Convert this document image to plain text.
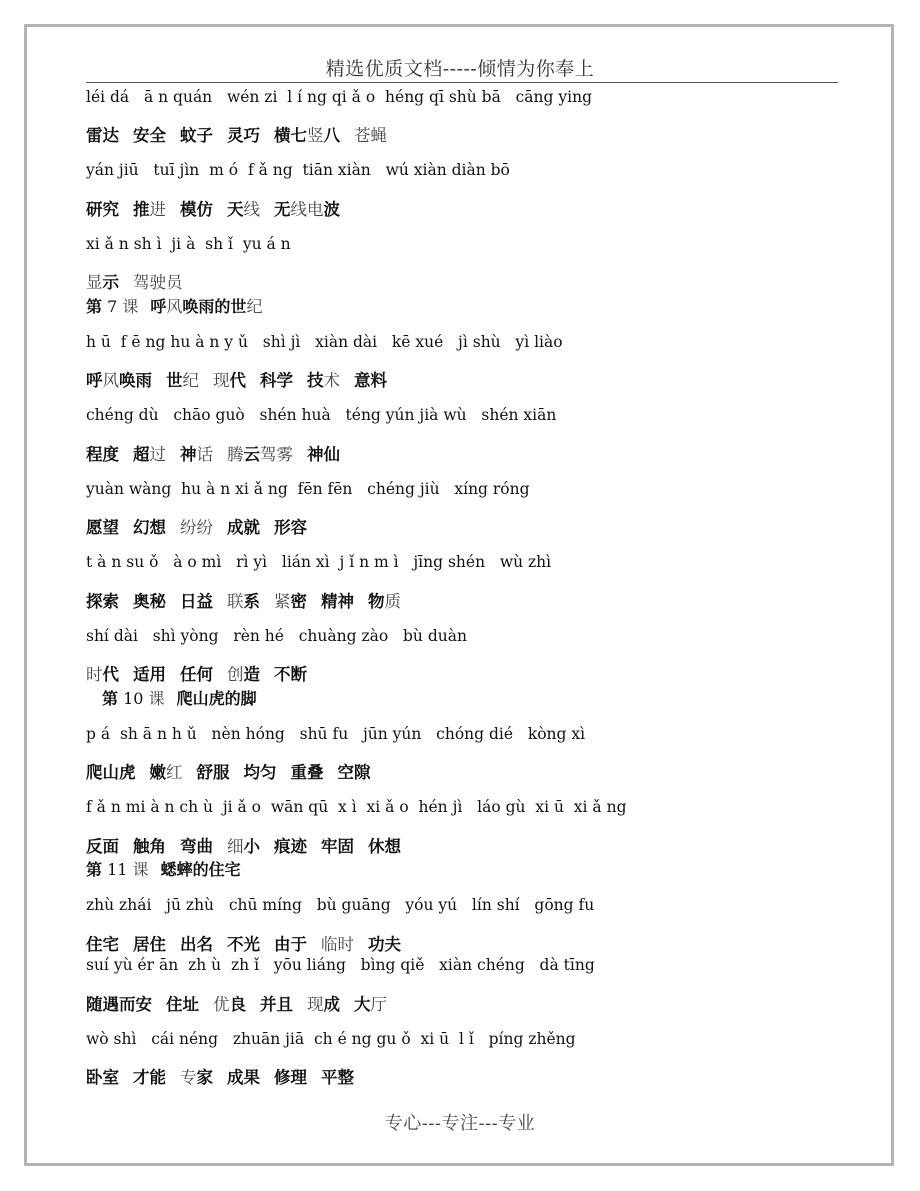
精选优质文档-----倾情为你奉上
léi dá   ā n quán   wén zi  l í ng qi ǎ o  héng qī shù bā   cāng ying
雷达 安全 蚊子 灵巧 横七竖八 苍蝇
yán jiū   tuī jìn  m ó  f ǎ ng  tiān xiàn   wú xiàn diàn bō
研究 推进 模仿 天线 无线电波
xi ǎ n sh ì  ji à  sh ǐ  yu á n
显示 驾驶员
第 7 课 呼风唤雨的世纪
h ū  f ē ng hu à n y ǔ   shì jì   xiàn dài   kē xué   jì shù   yì liào
呼风唤雨 世纪 现代 科学 技术 意料
chéng dù   chāo guò   shén huà   téng yún jià wù   shén xiān
程度 超过 神话 腾云驾雾 神仙
yuàn wàng  hu à n xi ǎ ng  fēn fēn   chéng jiù   xíng róng
愿望 幻想 纷纷 成就 形容
t à n su ǒ   à o mì   rì yì   lián xì  j ǐ n m ì   jīng shén   wù zhì
探索 奥秘 日益 联系 紧密 精神 物质
shí dài   shì yòng   rèn hé   chuàng zào   bù duàn
时代 适用 任何 创造 不断
第 10 课 爬山虎的脚
p á  sh ā n h ǔ   nèn hóng   shū fu   jūn yún   chóng dié   kòng xì
爬山虎 嫩红 舒服 均匀 重叠 空隙
f ǎ n mi à n ch ù  ji ǎ o  wān qū  x ì  xi ǎ o  hén jì   láo gù  xi ū  xi ǎ ng
反面 触角 弯曲 细小 痕迹 牢固 休想
第 11 课 蟋蟀的住宅
zhù zhái   jū zhù   chū míng   bù guāng   yóu yú   lín shí   gōng fu
住宅 居住 出名 不光 由于 临时 功夫
suí yù ér ān  zh ù  zh ǐ   yōu liáng   bìng qiě   xiàn chéng   dà tīng
随遇而安 住址 优良 并且 现成 大厅
wò shì   cái néng   zhuān jiā  ch é ng gu ǒ  xi ū  l ǐ   píng zhěng
卧室 才能 专家 成果 修理 平整
专心---专注---专业
